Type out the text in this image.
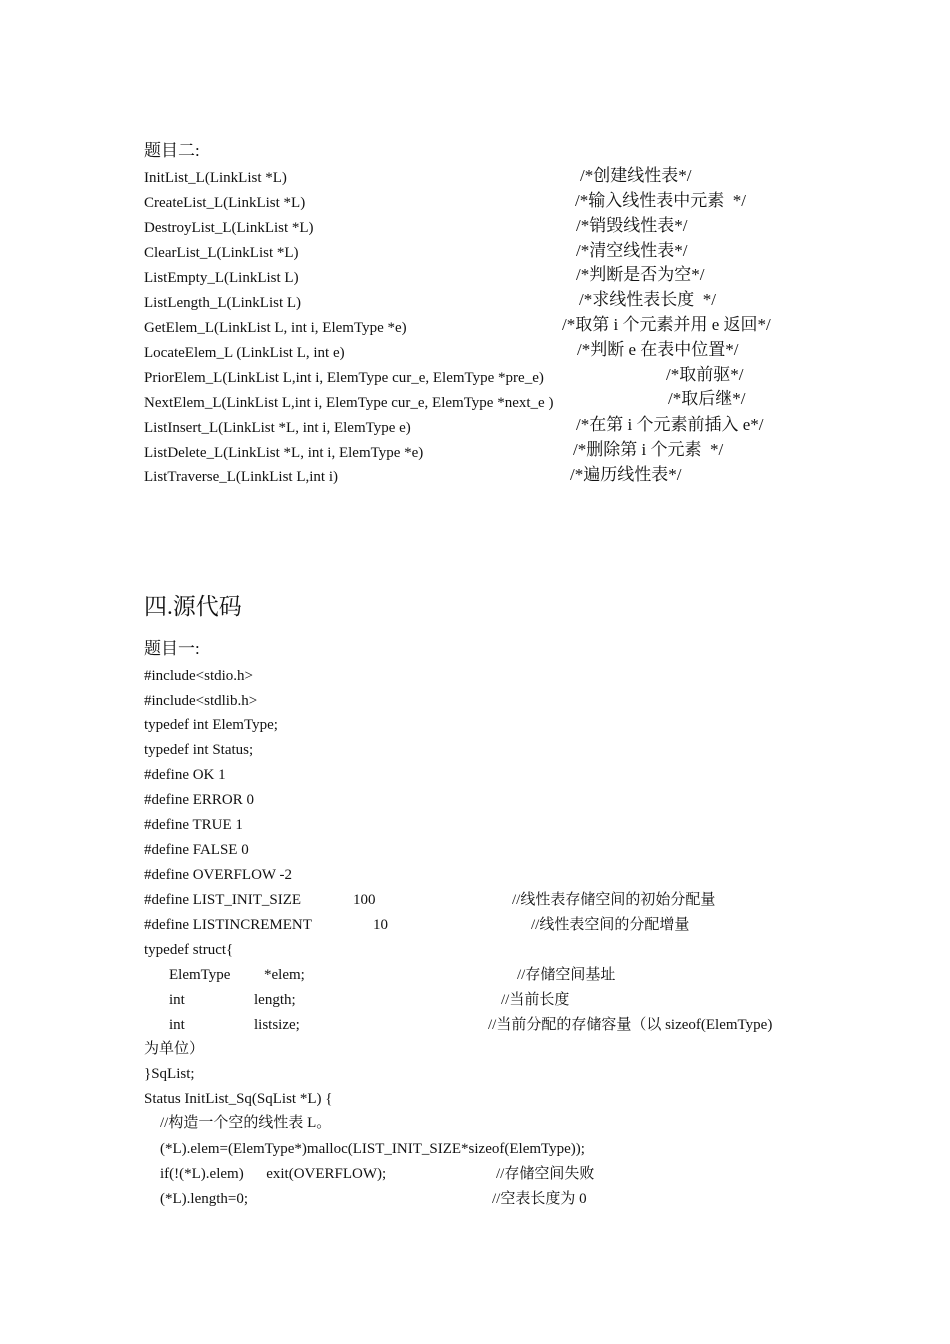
题目二:
InitList_L(LinkList *L)	/*创建线性表*/
CreateList_L(LinkList *L)	/*输入线性表中元素  */
DestroyList_L(LinkList *L)	/*销毁线性表*/
ClearList_L(LinkList *L)	/*清空线性表*/
ListEmpty_L(LinkList L)	/*判断是否为空*/
ListLength_L(LinkList L)	/*求线性表长度  */
GetElem_L(LinkList L, int i, ElemType *e)	/*取第 i 个元素并用 e 返回*/
LocateElem_L (LinkList L, int e)	/*判断 e 在表中位置*/
PriorElem_L(LinkList L,int i, ElemType cur_e, ElemType *pre_e)	/*取前驱*/
NextElem_L(LinkList L,int i, ElemType cur_e, ElemType *next_e )	/*取后继*/
ListInsert_L(LinkList *L, int i, ElemType e)	/*在第 i 个元素前插入 e*/
ListDelete_L(LinkList *L, int i, ElemType *e)	/*删除第 i 个元素  */
ListTraverse_L(LinkList L,int i)	/*遍历线性表*/
四.源代码
题目一:
#include<stdio.h>
#include<stdlib.h>
typedef int ElemType;
typedef int Status;
#define OK 1
#define ERROR 0
#define TRUE 1
#define FALSE 0
#define OVERFLOW -2
#define LIST_INIT_SIZE	100	//线性表存储空间的初始分配量
#define LISTINCREMENT	10	//线性表空间的分配增量
typedef struct{
ElemType *elem;	//存储空间基址
int	length;	//当前长度
int	listsize;	//当前分配的存储容量（以 sizeof(ElemType)
为单位）
}SqList;
Status InitList_Sq(SqList *L) {
//构造一个空的线性表 L。
(*L).elem=(ElemType*)malloc(LIST_INIT_SIZE*sizeof(ElemType));
if(!(*L).elem)      exit(OVERFLOW);	//存储空间失败
(*L).length=0;	//空表长度为 0
